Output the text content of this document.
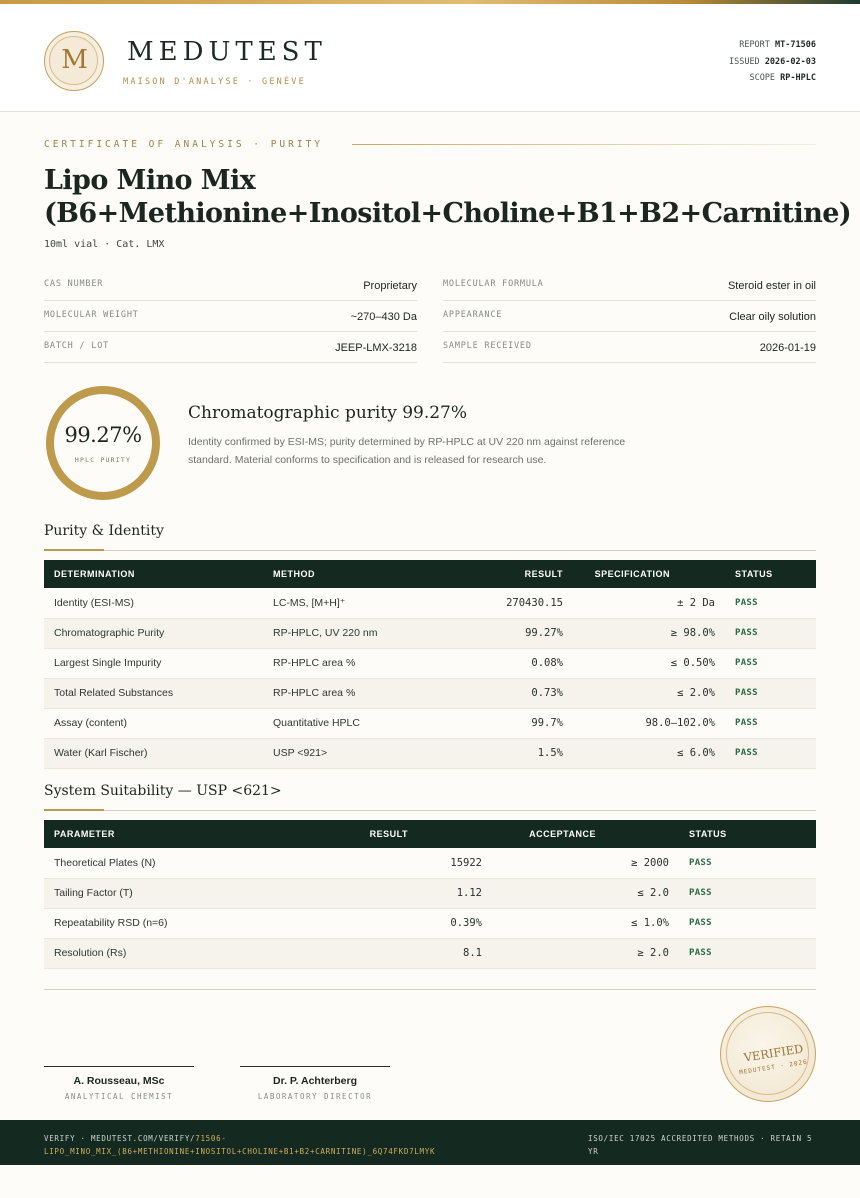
M	MEDUTEST
MAISON D'ANALYSE · GENÈVE
REPORT MT-71506
ISSUED 2026-02-03
SCOPE RP-HPLC
CERTIFICATE OF ANALYSIS · PURITY
Lipo Mino Mix
(B6+Methionine+Inositol+Choline+B1+B2+Carnitine)
10ml vial · Cat. LMX
CAS NUMBER	Proprietary	MOLECULAR FORMULA	Steroid ester in oil
MOLECULAR WEIGHT	~270–430 Da	APPEARANCE	Clear oily solution
BATCH / LOT	JEEP-LMX-3218	SAMPLE RECEIVED	2026-01-19
99.27%
HPLC PURITY
Chromatographic purity 99.27%

Identity confirmed by ESI-MS; purity determined by RP-HPLC at UV 220 nm against reference standard. Material conforms to specification and is released for research use.

Purity & Identity
DETERMINATION	METHOD	RESULT	SPECIFICATION	STATUS
Identity (ESI-MS)	LC-MS, [M+H]⁺	270430.15	± 2 Da	PASS
Chromatographic Purity	RP-HPLC, UV 220 nm	99.27%	≥ 98.0%	PASS
Largest Single Impurity	RP-HPLC area %	0.08%	≤ 0.50%	PASS
Total Related Substances	RP-HPLC area %	0.73%	≤ 2.0%	PASS
Assay (content)	Quantitative HPLC	99.7%	98.0–102.0%	PASS
Water (Karl Fischer)	USP <921>	1.5%	≤ 6.0%	PASS
System Suitability — USP <621>
PARAMETER	RESULT	ACCEPTANCE	STATUS
Theoretical Plates (N)	15922	≥ 2000	PASS
Tailing Factor (T)	1.12	≤ 2.0	PASS
Repeatability RSD (n=6)	0.39%	≤ 1.0%	PASS
Resolution (Rs)	8.1	≥ 2.0	PASS
A. Rousseau, MSc
ANALYTICAL CHEMIST
Dr. P. Achterberg
LABORATORY DIRECTOR
VERIFIED
MEDUTEST · 2026
VERIFY · MEDUTEST.COM/VERIFY/71506-LIPO_MINO_MIX_(B6+METHIONINE+INOSITOL+CHOLINE+B1+B2+CARNITINE)_6Q74FKD7LMYK
ISO/IEC 17025 ACCREDITED METHODS · RETAIN 5 YR
